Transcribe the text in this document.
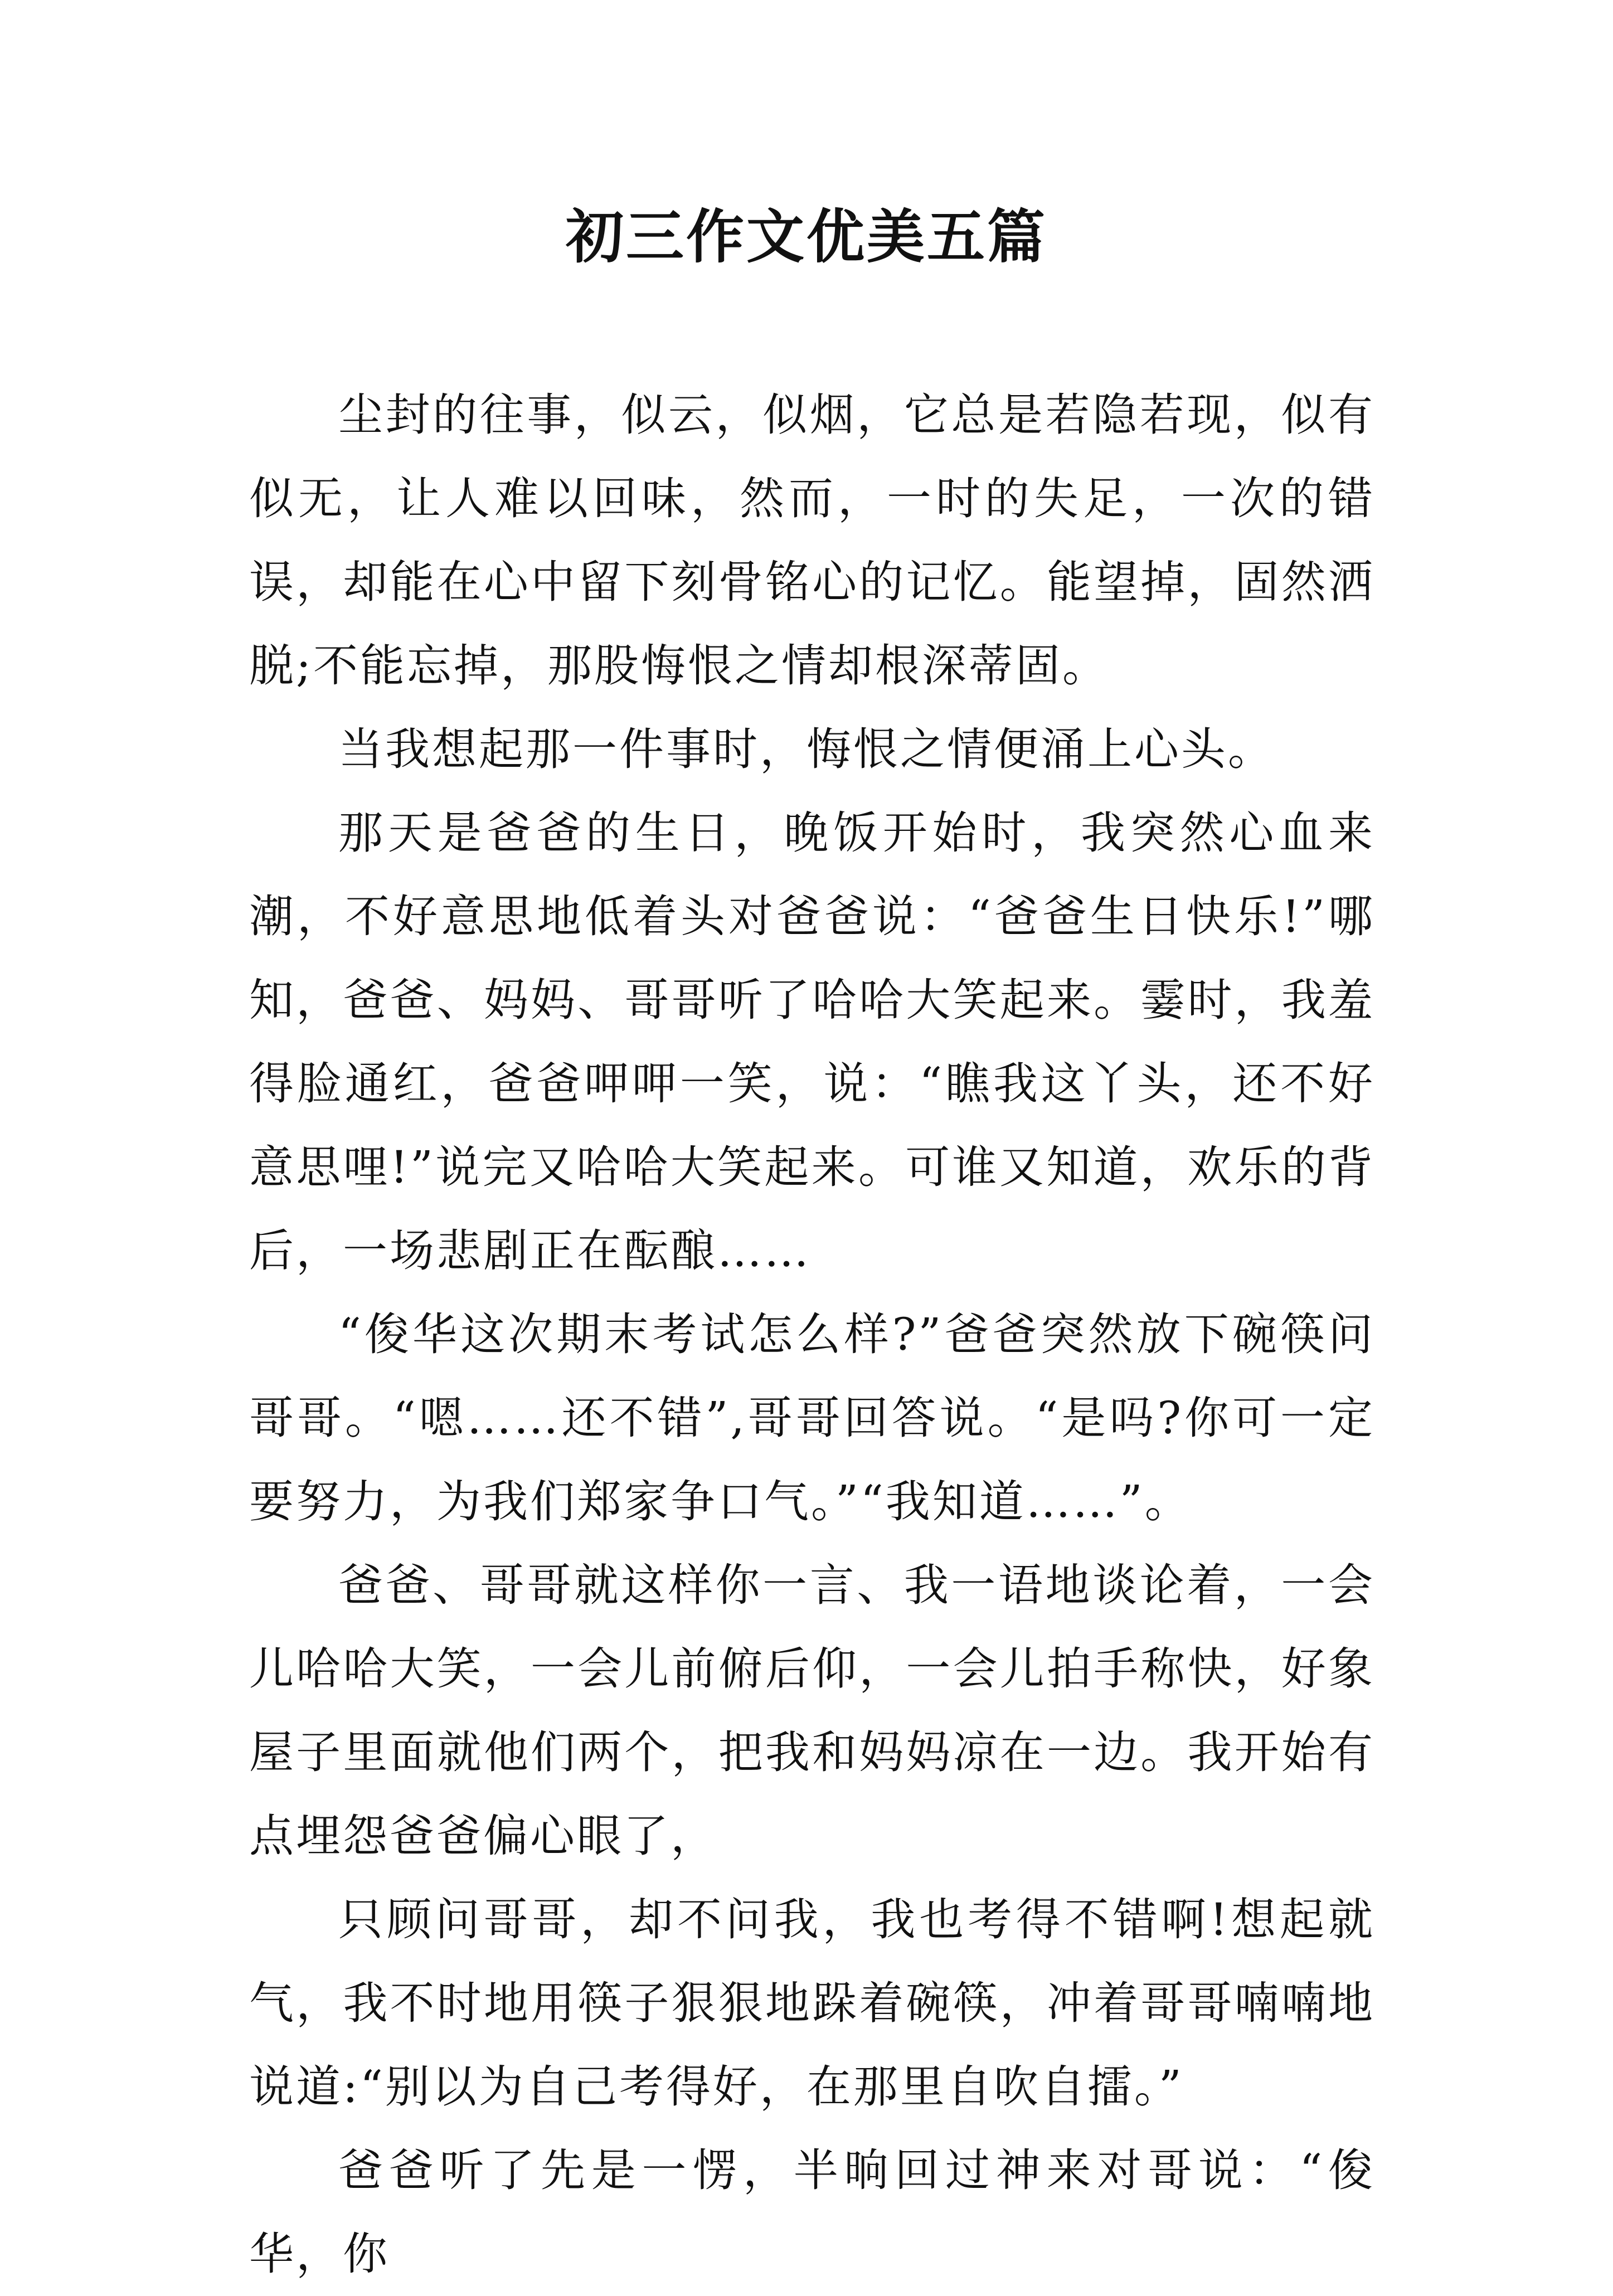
初三作文优美五篇

尘封的往事，似云，似烟，它总是若隐若现，似有似无，让人难以回味，然而，一时的失足，一次的错误，却能在心中留下刻骨铭心的记忆。能望掉，固然洒脱;不能忘掉，那股悔恨之情却根深蒂固。

当我想起那一件事时，悔恨之情便涌上心头。

那天是爸爸的生日，晚饭开始时，我突然心血来潮，不好意思地低着头对爸爸说：“爸爸生日快乐!”哪知，爸爸、妈妈、哥哥听了哈哈大笑起来。霎时，我羞得脸通红，爸爸呷呷一笑，说：“瞧我这丫头，还不好意思哩!”说完又哈哈大笑起来。可谁又知道，欢乐的背后，一场悲剧正在酝酿……

“俊华这次期末考试怎么样?”爸爸突然放下碗筷问哥哥。“嗯……还不错”,哥哥回答说。“是吗?你可一定要努力，为我们郑家争口气。”“我知道……”。

爸爸、哥哥就这样你一言、我一语地谈论着，一会儿哈哈大笑，一会儿前俯后仰，一会儿拍手称快，好象屋子里面就他们两个，把我和妈妈凉在一边。我开始有点埋怨爸爸偏心眼了，

只顾问哥哥，却不问我，我也考得不错啊!想起就气，我不时地用筷子狠狠地跺着碗筷，冲着哥哥喃喃地说道:“别以为自己考得好，在那里自吹自擂。”

爸爸听了先是一愣，半晌回过神来对哥说：“俊华，你
